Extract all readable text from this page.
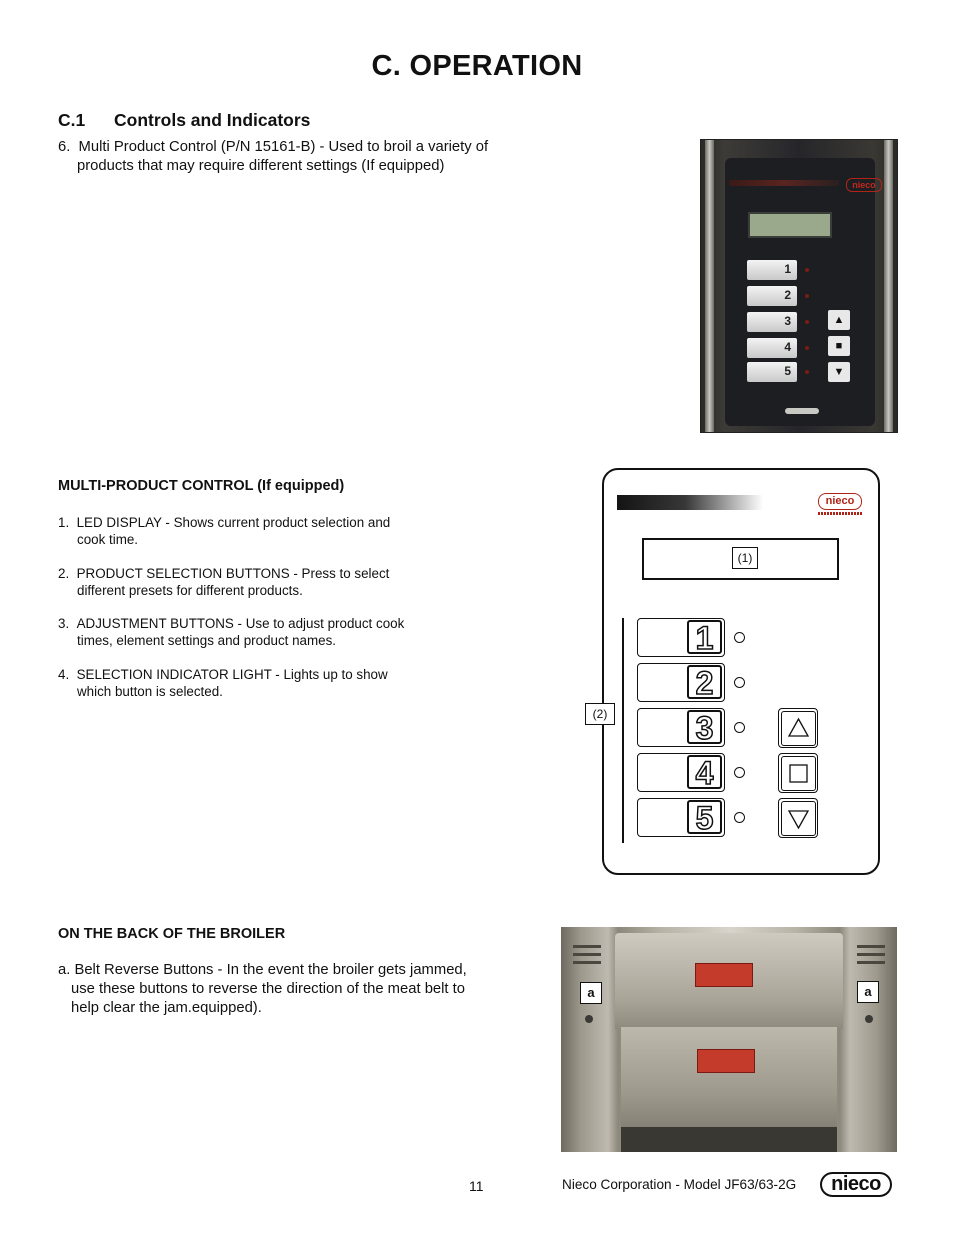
C. OPERATION
C.1 Controls and Indicators
6.  Multi Product Control (P/N 15161-B) - Used to broil a variety of products that may require different settings (If equipped)
nieco
1
2
3
4
5
▲
■
▼
MULTI-PRODUCT CONTROL (If equipped)
1.  LED DISPLAY - Shows current product selection and cook time.
2.  PRODUCT SELECTION BUTTONS - Press to select different presets for different products.
3.  ADJUSTMENT BUTTONS - Use to adjust product cook times, element settings and product names.
4.  SELECTION INDICATOR LIGHT - Lights up to show which button is selected.
nieco
(1)
(2)
1
2
3
4
5
ON THE BACK OF THE BROILER
a. Belt Reverse Buttons - In the event the broiler gets jammed, use these buttons to reverse the direction of the meat belt to help clear the jam.equipped).
a	a
11	Nieco Corporation - Model JF63/63-2G	nieco
